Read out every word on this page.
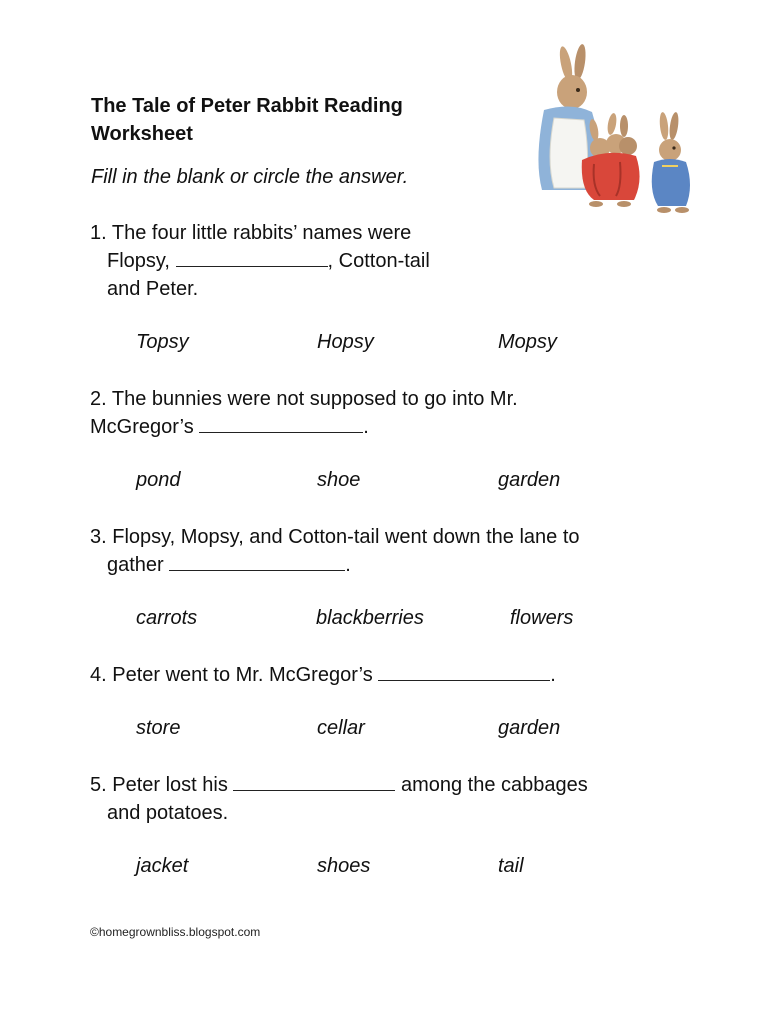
The Tale of Peter Rabbit Reading Worksheet

Fill in the blank or circle the answer.

1. The four little rabbits’ names were
Flopsy,	, Cotton-tail
and Peter.
Topsy	Hopsy	Mopsy
2. The bunnies were not supposed to go into Mr.
McGregor’s	.
pond	shoe	garden
3. Flopsy, Mopsy, and Cotton-tail went down the lane to
gather	.
carrots	blackberries	flowers
4. Peter went to Mr. McGregor’s	.
store	cellar	garden
5. Peter lost his	among the cabbages
and potatoes.
jacket	shoes	tail
©homegrownbliss.blogspot.com
